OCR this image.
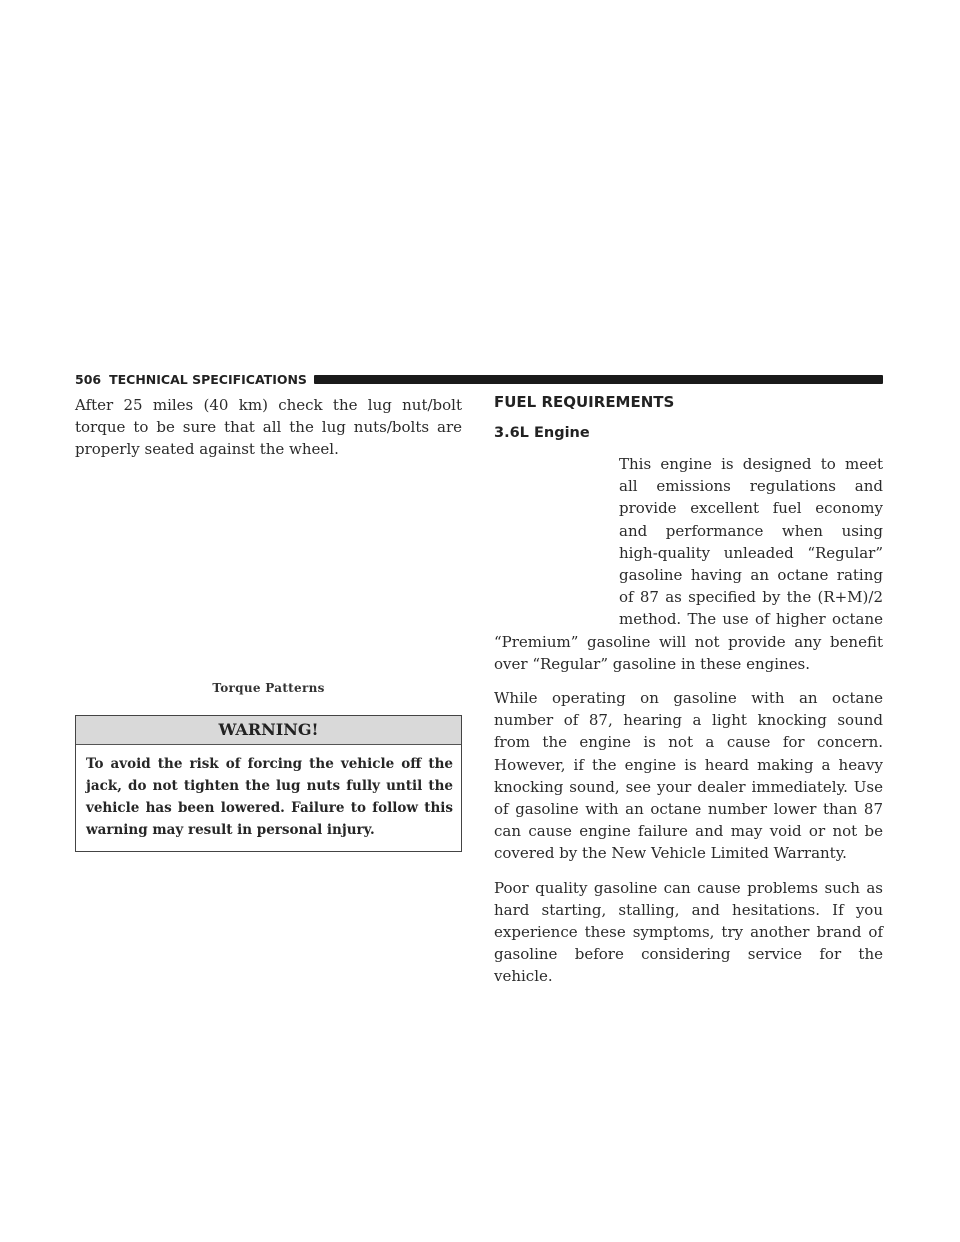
506 TECHNICAL SPECIFICATIONS

After 25 miles (40 km) check the lug nut/bolt torque to be sure that all the lug nuts/bolts are properly seated against the wheel.

Torque Patterns
WARNING!
To avoid the risk of forcing the vehicle off the jack, do not tighten the lug nuts fully until the vehicle has been lowered. Failure to follow this warning may result in personal injury.
FUEL REQUIREMENTS
3.6L Engine

This engine is designed to meet all emissions regulations and provide excellent fuel economy and performance when using high-quality unleaded “Regular” gasoline having an octane rating of 87 as specified by the (R+M)/2 method. The use of higher octane “Premium” gasoline will not provide any benefit over “Regular” gasoline in these engines.

While operating on gasoline with an octane number of 87, hearing a light knocking sound from the engine is not a cause for concern. However, if the engine is heard making a heavy knocking sound, see your dealer immediately. Use of gasoline with an octane number lower than 87 can cause engine failure and may void or not be covered by the New Vehicle Limited Warranty.

Poor quality gasoline can cause problems such as hard starting, stalling, and hesitations. If you experience these symptoms, try another brand of gasoline before considering service for the vehicle.
